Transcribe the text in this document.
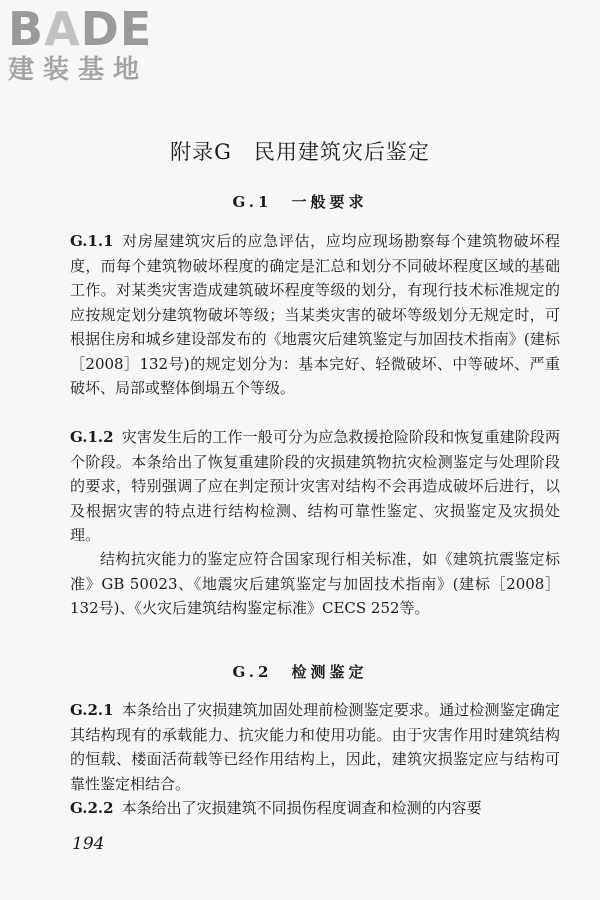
BADE
建装基地
附录G　民用建筑灾后鉴定
G.1　一般要求

G.1.1 对房屋建筑灾后的应急评估，应均应现场勘察每个建筑物破坏程度，而每个建筑物破坏程度的确定是汇总和划分不同破坏程度区域的基础工作。对某类灾害造成建筑破坏程度等级的划分，有现行技术标准规定的应按规定划分建筑物破坏等级；当某类灾害的破坏等级划分无规定时，可根据住房和城乡建设部发布的《地震灾后建筑鉴定与加固技术指南》(建标［2008］132号)的规定划分为：基本完好、轻微破坏、中等破坏、严重破坏、局部或整体倒塌五个等级。

G.1.2 灾害发生后的工作一般可分为应急救援抢险阶段和恢复重建阶段两个阶段。本条给出了恢复重建阶段的灾损建筑物抗灾检测鉴定与处理阶段的要求，特别强调了应在判定预计灾害对结构不会再造成破坏后进行，以及根据灾害的特点进行结构检测、结构可靠性鉴定、灾损鉴定及灾损处理。

结构抗灾能力的鉴定应符合国家现行相关标准，如《建筑抗震鉴定标准》GB 50023、《地震灾后建筑鉴定与加固技术指南》(建标［2008］132号)、《火灾后建筑结构鉴定标准》CECS 252等。

G.2　检测鉴定

G.2.1 本条给出了灾损建筑加固处理前检测鉴定要求。通过检测鉴定确定其结构现有的承载能力、抗灾能力和使用功能。由于灾害作用时建筑结构的恒载、楼面活荷载等已经作用结构上，因此，建筑灾损鉴定应与结构可靠性鉴定相结合。

G.2.2 本条给出了灾损建筑不同损伤程度调查和检测的内容要

194
